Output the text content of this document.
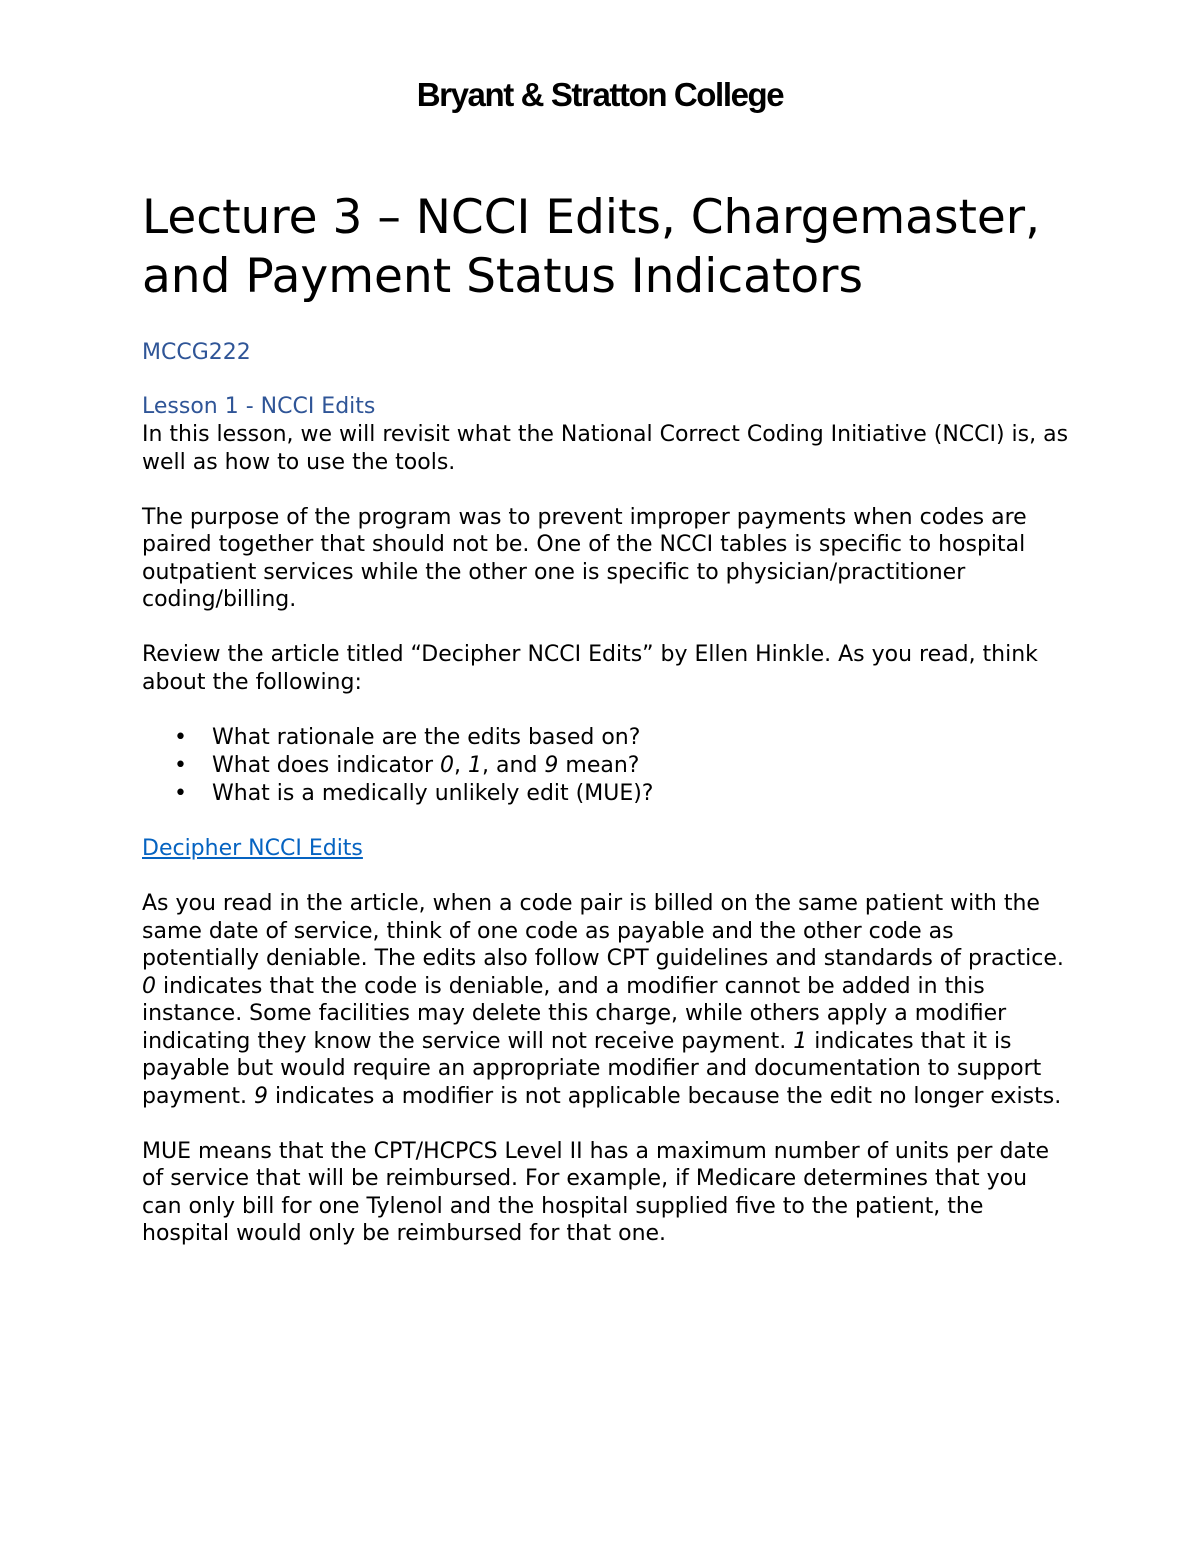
Bryant & Stratton College
Lecture 3 – NCCI Edits, Chargemaster, and Payment Status Indicators
MCCG222
Lesson 1 - NCCI Edits

In this lesson, we will revisit what the National Correct Coding Initiative (NCCI) is, as well as how to use the tools.

The purpose of the program was to prevent improper payments when codes are paired together that should not be. One of the NCCI tables is specific to hospital outpatient services while the other one is specific to physician/practitioner coding/billing.

Review the article titled “Decipher NCCI Edits” by Ellen Hinkle. As you read, think about the following:

• What rationale are the edits based on?
• What does indicator 0, 1, and 9 mean?
• What is a medically unlikely edit (MUE)?

Decipher NCCI Edits

As you read in the article, when a code pair is billed on the same patient with the same date of service, think of one code as payable and the other code as potentially deniable. The edits also follow CPT guidelines and standards of practice. 0 indicates that the code is deniable, and a modifier cannot be added in this instance. Some facilities may delete this charge, while others apply a modifier indicating they know the service will not receive payment. 1 indicates that it is payable but would require an appropriate modifier and documentation to support payment. 9 indicates a modifier is not applicable because the edit no longer exists.

MUE means that the CPT/HCPCS Level II has a maximum number of units per date of service that will be reimbursed. For example, if Medicare determines that you can only bill for one Tylenol and the hospital supplied five to the patient, the hospital would only be reimbursed for that one.
